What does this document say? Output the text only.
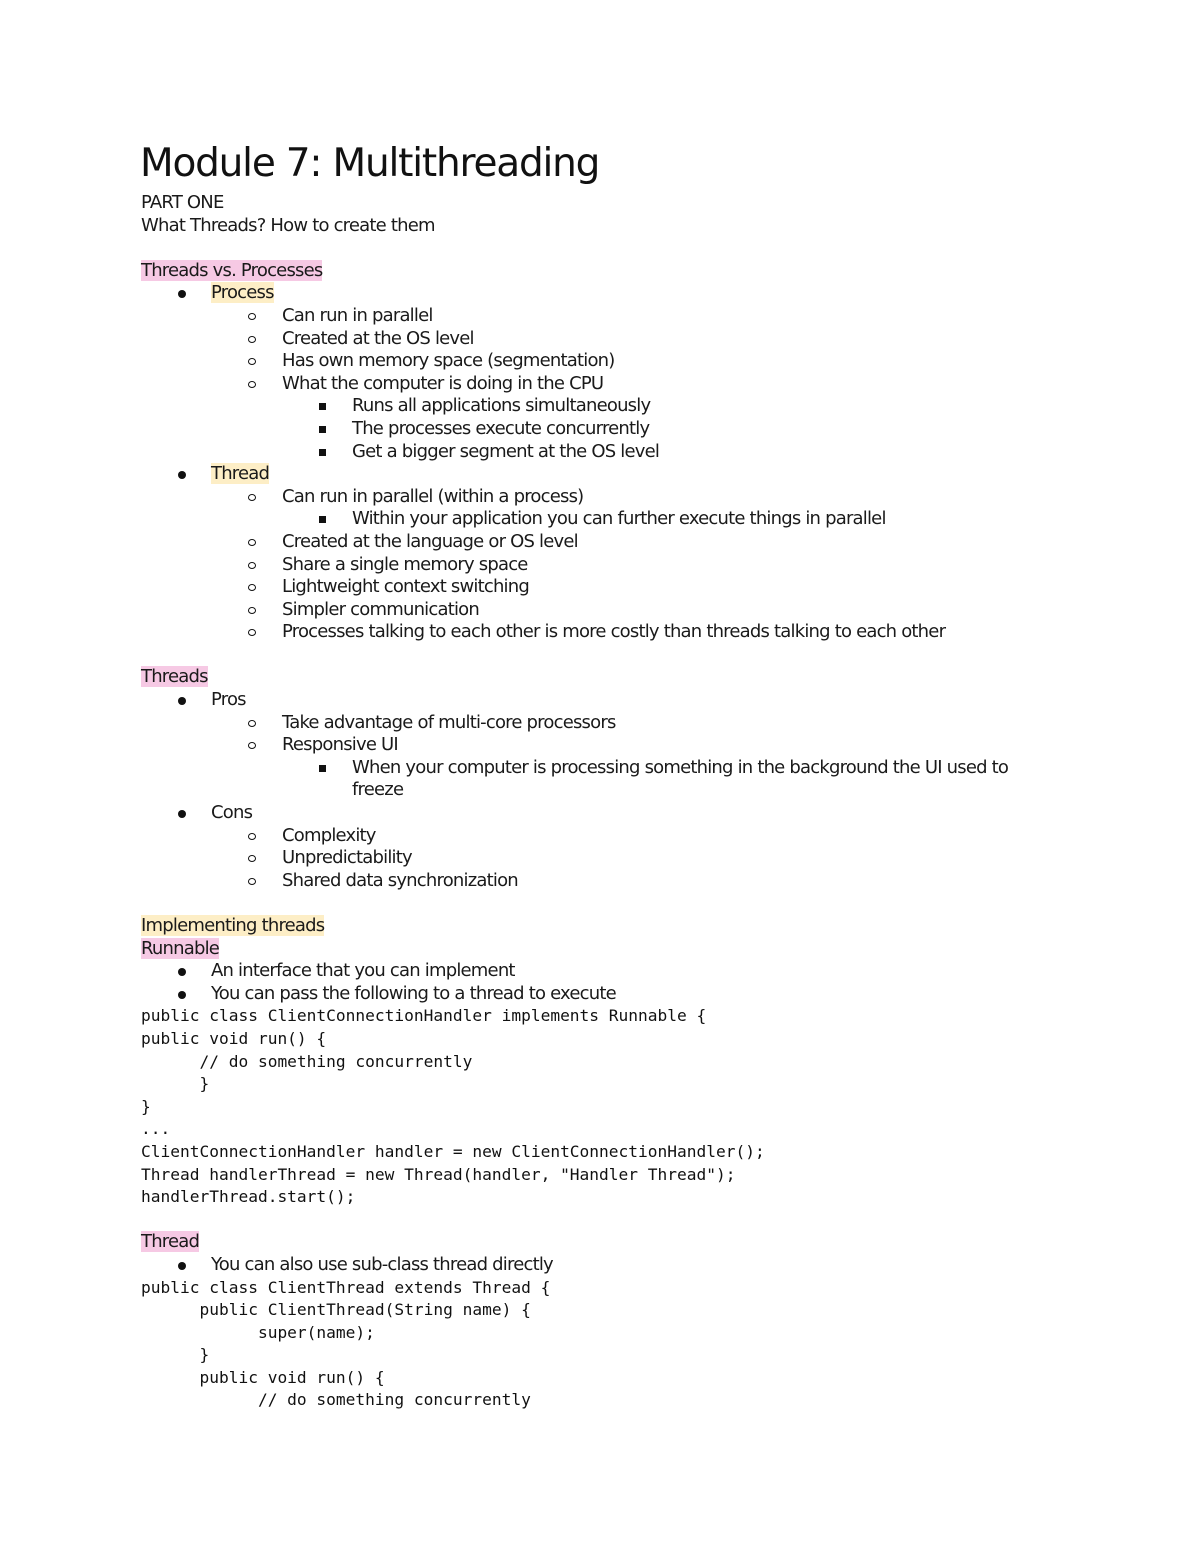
Module 7: Multithreading
PART ONE
What Threads? How to create them
Threads vs. Processes
Process
Can run in parallel
Created at the OS level
Has own memory space (segmentation)
What the computer is doing in the CPU
Runs all applications simultaneously
The processes execute concurrently
Get a bigger segment at the OS level
Thread
Can run in parallel (within a process)
Within your application you can further execute things in parallel
Created at the language or OS level
Share a single memory space
Lightweight context switching
Simpler communication
Processes talking to each other is more costly than threads talking to each other
Threads
Pros
Take advantage of multi-core processors
Responsive UI
When your computer is processing something in the background the UI used to
freeze
Cons
Complexity
Unpredictability
Shared data synchronization
Implementing threads
Runnable
An interface that you can implement
You can pass the following to a thread to execute
public class ClientConnectionHandler implements Runnable {
public void run() {
// do something concurrently
}
}
...
ClientConnectionHandler handler = new ClientConnectionHandler();
Thread handlerThread = new Thread(handler, "Handler Thread");
handlerThread.start();
Thread
You can also use sub-class thread directly
public class ClientThread extends Thread {
public ClientThread(String name) {
super(name);
}
public void run() {
// do something concurrently
